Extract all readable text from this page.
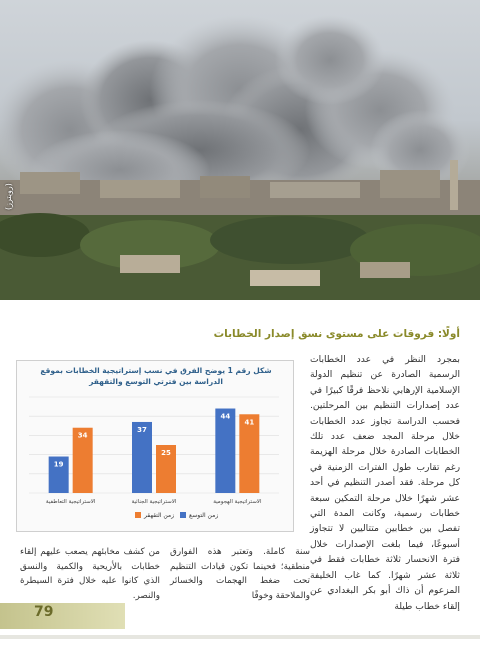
(رويترز)
أولًا: فروقات على مستوى نسق إصدار الخطابات
بمجرد النظر في عدد الخطابات الرسمية الصادرة عن تنظيم الدولة الإسلامية الإرهابي نلاحظ فرقًا كبيرًا في عدد إصدارات التنظيم بين المرحلتين. فحسب الدراسة تجاوز عدد الخطابات خلال مرحلة المجد ضعف عدد تلك الخطابات الصادرة خلال مرحلة الهزيمة رغم تقارب طول الفترات الزمنية في كل مرحلة. فقد أصدر التنظيم في أحد عشر شهرًا خلال مرحلة التمكين سبعة خطابات رسمية، وكانت المدة التي تفصل بين خطابين متتاليين لا تتجاوز أسبوعًا، فيما بلغت الإصدارات خلال فترة الانحسار ثلاثة خطابات فقط في ثلاثة عشر شهرًا. كما غاب الخليفة المزعوم أن ذاك أبو بكر البغدادي عن إلقاء خطاب طيلة
شكل رقم 1 يوضح الفرق في نسب إستراتيجية الخطابات بموقع الدراسة بين فترتي التوسع والتقهقر
19
34
الاستراتيجية التعاطفية
37
25
الاستراتيجية الجنائية
44
41
الاستراتيجية الهجومية
زمن التقهقر زمن التوسع
سنة كاملة. وتعتبر هذه الفوارق منطقية؛ فحينما تكون قيادات التنظيم تحت ضغط الهجمات والخسائر والملاحقة وخوفًا
من كشف مخابئهم يصعب عليهم إلقاء خطابات بالأريحية والكمية والنسق الذي كانوا عليه خلال فترة السيطرة والنصر.
79
